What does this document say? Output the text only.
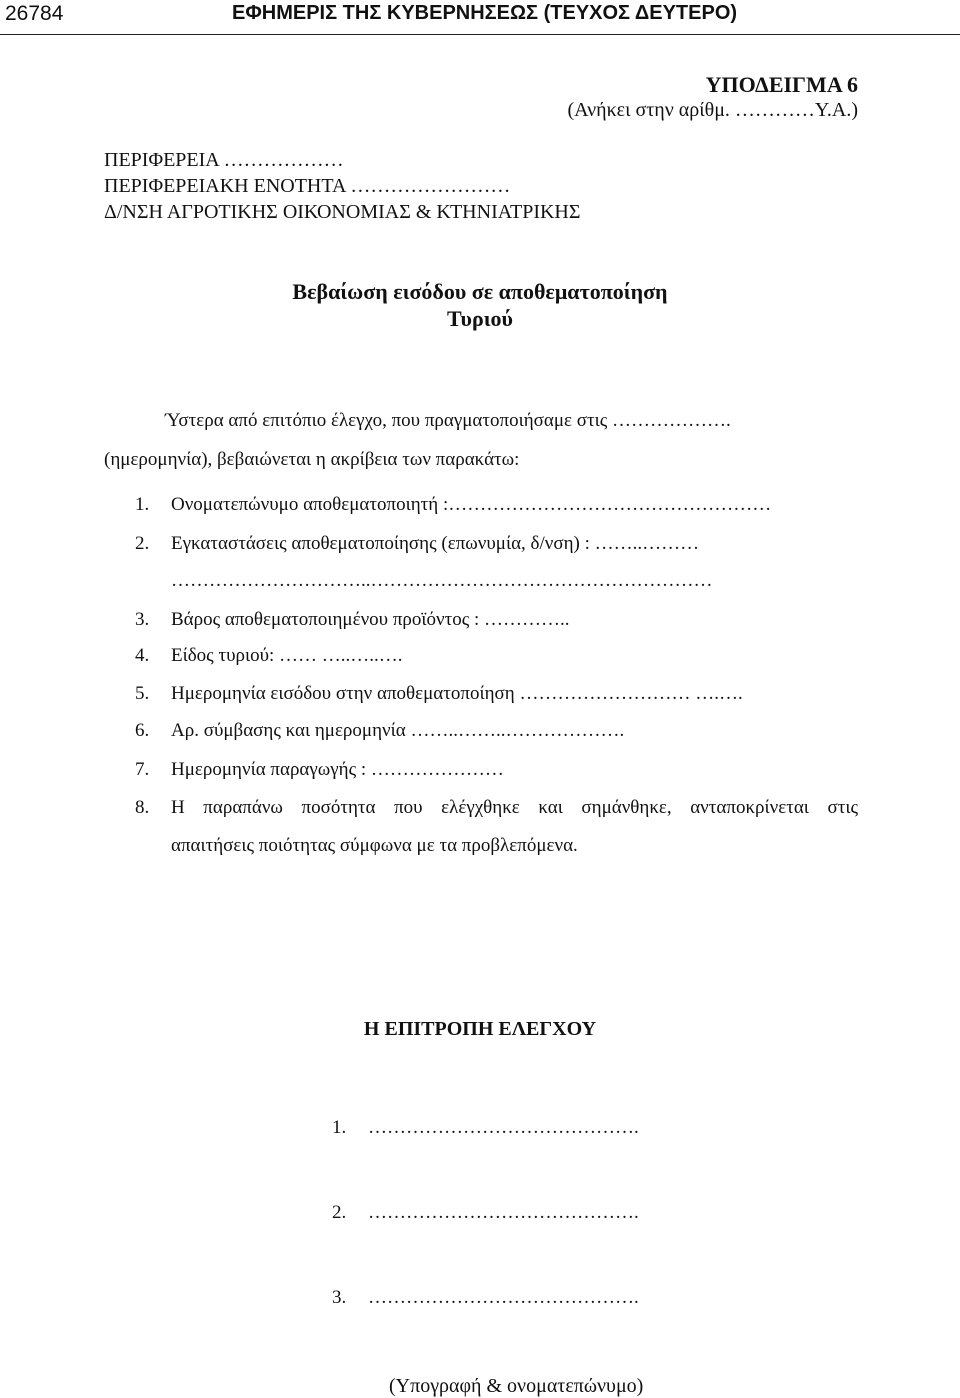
26784	ΕΦΗΜΕΡΙΣ ΤΗΣ ΚΥΒΕΡΝΗΣΕΩΣ (ΤΕΥΧΟΣ ΔΕΥΤΕΡΟ)
ΥΠΟΔΕΙΓΜΑ 6
(Ανήκει στην αρίθμ. …………Υ.Α.)
ΠΕΡΙΦΕΡΕΙΑ ………………
ΠΕΡΙΦΕΡΕΙΑΚΗ ΕΝΟΤΗΤΑ ……………………
Δ/ΝΣΗ ΑΓΡΟΤΙΚΗΣ ΟΙΚΟΝΟΜΙΑΣ & ΚΤΗΝΙΑΤΡΙΚΗΣ
Βεβαίωση εισόδου σε αποθεματοποίηση
Τυριού
Ύστερα από επιτόπιο έλεγχο, που πραγματοποιήσαμε στις ……………….
(ημερομηνία), βεβαιώνεται η ακρίβεια των παρακάτω:
1. Ονοματεπώνυμο αποθεματοποιητή :……………………………………………
2. Εγκαταστάσεις αποθεματοποίησης (επωνυμία, δ/νση) : ……..………
…………………………..………………………………………………
3. Βάρος αποθεματοποιημένου προϊόντος : …………..
4. Είδος τυριού: …… …..…..….
5. Ημερομηνία εισόδου στην αποθεματοποίηση ……………………… ….….
6. Αρ. σύμβασης και ημερομηνία ……..……..……………….
7. Ημερομηνία παραγωγής : …………………
8. Η παραπάνω ποσότητα που ελέγχθηκε και σημάνθηκε, ανταποκρίνεται στις
απαιτήσεις ποιότητας σύμφωνα με τα προβλεπόμενα.
Η ΕΠΙΤΡΟΠΗ ΕΛΕΓΧΟΥ
1. …………………………………….
2. …………………………………….
3. …………………………………….
(Υπογραφή & ονοματεπώνυμο)
